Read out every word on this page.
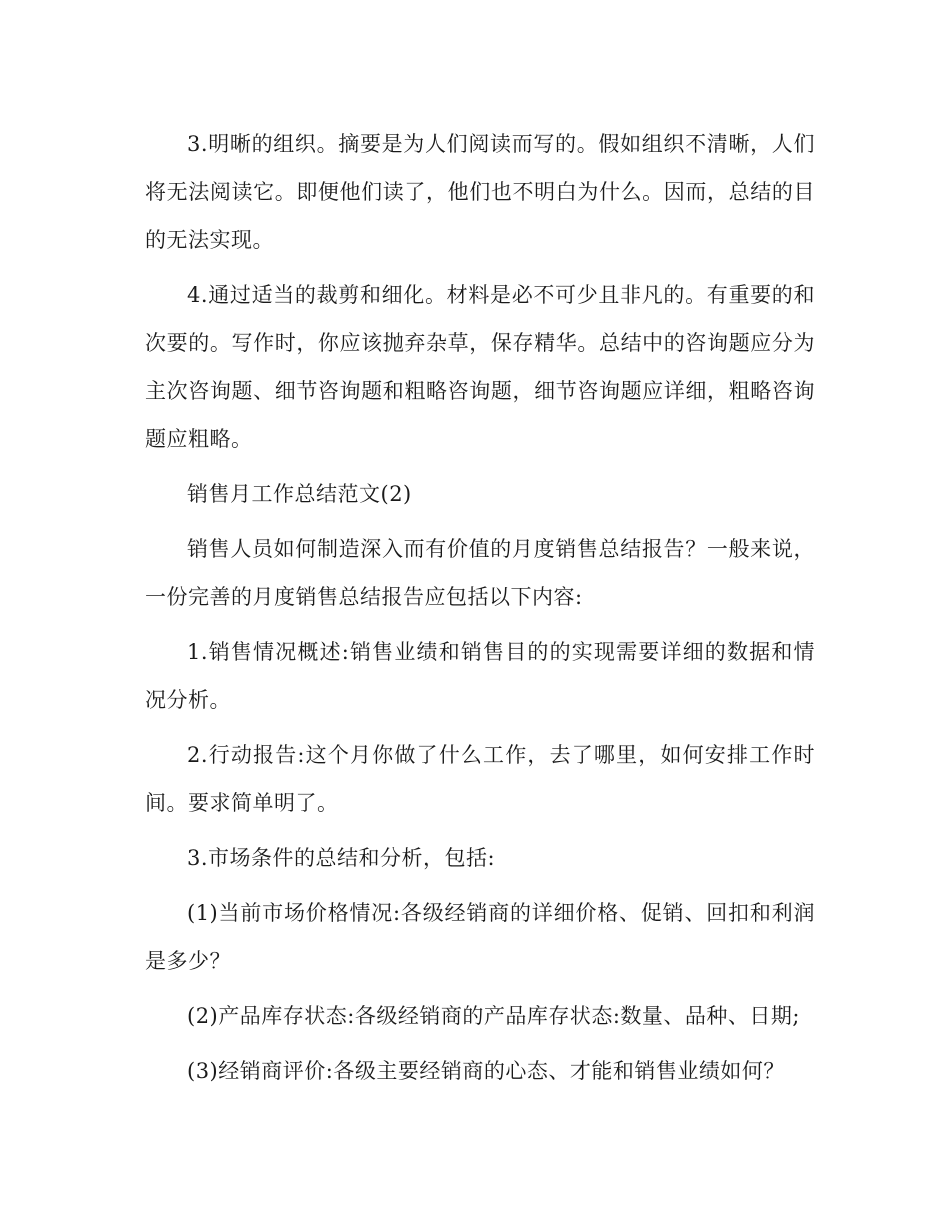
3.明晰的组织。摘要是为人们阅读而写的。假如组织不清晰，人们将无法阅读它。即便他们读了，他们也不明白为什么。因而，总结的目的无法实现。

4.通过适当的裁剪和细化。材料是必不可少且非凡的。有重要的和次要的。写作时，你应该抛弃杂草，保存精华。总结中的咨询题应分为主次咨询题、细节咨询题和粗略咨询题，细节咨询题应详细，粗略咨询题应粗略。

销售月工作总结范文(2)

销售人员如何制造深入而有价值的月度销售总结报告？一般来说，一份完善的月度销售总结报告应包括以下内容:

1.销售情况概述:销售业绩和销售目的的实现需要详细的数据和情况分析。

2.行动报告:这个月你做了什么工作，去了哪里，如何安排工作时间。要求简单明了。

3.市场条件的总结和分析，包括:

(1)当前市场价格情况:各级经销商的详细价格、促销、回扣和利润是多少？

(2)产品库存状态:各级经销商的产品库存状态:数量、品种、日期;

(3)经销商评价:各级主要经销商的心态、才能和销售业绩如何？
